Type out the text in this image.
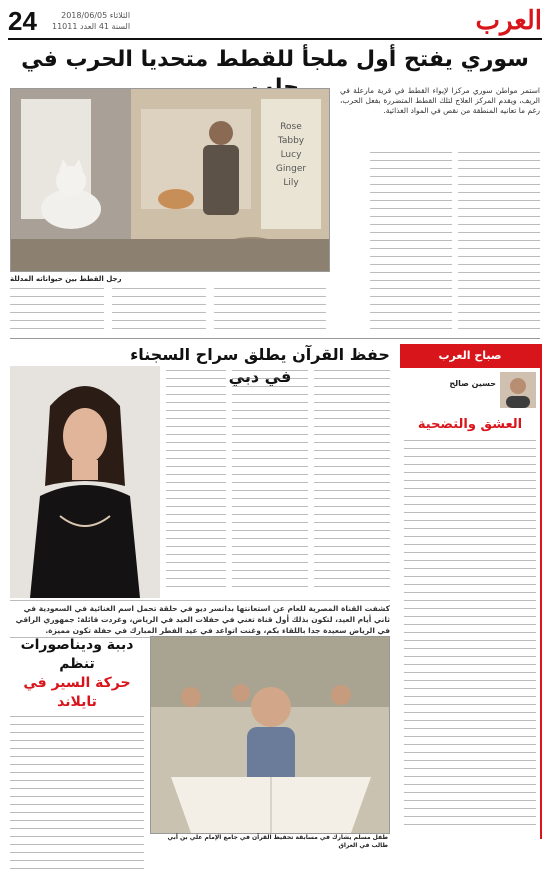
العرب
24	الثلاثاء 2018/06/05
السنة 41 العدد 11011
سوري يفتح أول ملجأ للقطط متحديا الحرب في
استمر مواطن سوري مركزا لإيواء القطط في قرية مارعلة في الريف، ويقدم المركز العلاج لتلك القطط المتضررة بفعل الحرب، رغم ما تعانيه المنطقة من نقص في المواد الغذائية.
Rose
Tabby
Lucy
Ginger
Lily
رجل القطط بين حيواناته المدللة
حفظ القرآن يطلق سراح السجناء في دبي
كشفت القناة المصرية للعام عن استعانتها بدانسر ديو في حلقة تحمل اسم الغنائية في السعودية في ثاني أيام العيد، لتكون بذلك أول قناة تغني في حفلات العيد في الرياض، وغردت قائلة: جمهوري الراقي في الرياض سعيدة جدا باللقاء بكم، وغنت اتواعد في عيد الفطر المبارك في حفلة تكون مميزة.
صباح العرب
حسين صالح
العشق والتضحية
دببة وديناصورات تنظم
حركة السير في تايلاند
طفل مسلم يشارك في مسابقة تحفيظ القرآن في جامع الإمام علي بن أبي طالب في العراق
